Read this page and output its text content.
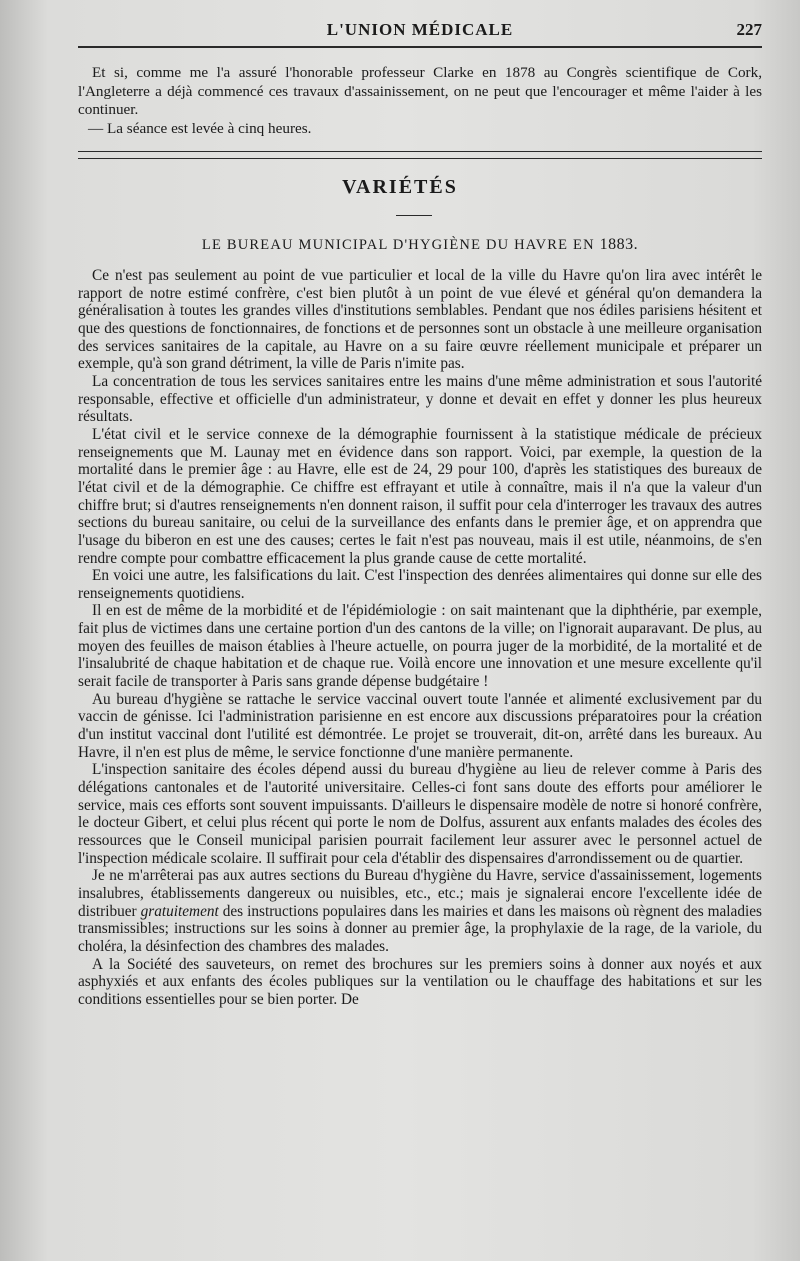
L'UNION MÉDICALE	227

Et si, comme me l'a assuré l'honorable professeur Clarke en 1878 au Congrès scientifique de Cork, l'Angleterre a déjà commencé ces travaux d'assainissement, on ne peut que l'encourager et même l'aider à les continuer.

— La séance est levée à cinq heures.

VARIÉTÉS
LE BUREAU MUNICIPAL D'HYGIÈNE DU HAVRE EN 1883.

Ce n'est pas seulement au point de vue particulier et local de la ville du Havre qu'on lira avec intérêt le rapport de notre estimé confrère, c'est bien plutôt à un point de vue élevé et général qu'on demandera la généralisation à toutes les grandes villes d'institutions semblables. Pendant que nos édiles parisiens hésitent et que des questions de fonctionnaires, de fonctions et de personnes sont un obstacle à une meilleure organisation des services sanitaires de la capitale, au Havre on a su faire œuvre réellement municipale et préparer un exemple, qu'à son grand détriment, la ville de Paris n'imite pas.

La concentration de tous les services sanitaires entre les mains d'une même administration et sous l'autorité responsable, effective et officielle d'un administrateur, y donne et devait en effet y donner les plus heureux résultats.

L'état civil et le service connexe de la démographie fournissent à la statistique médicale de précieux renseignements que M. Launay met en évidence dans son rapport. Voici, par exemple, la question de la mortalité dans le premier âge : au Havre, elle est de 24, 29 pour 100, d'après les statistiques des bureaux de l'état civil et de la démographie. Ce chiffre est effrayant et utile à connaître, mais il n'a que la valeur d'un chiffre brut; si d'autres renseignements n'en donnent raison, il suffit pour cela d'interroger les travaux des autres sections du bureau sanitaire, ou celui de la surveillance des enfants dans le premier âge, et on apprendra que l'usage du biberon en est une des causes; certes le fait n'est pas nouveau, mais il est utile, néanmoins, de s'en rendre compte pour combattre efficacement la plus grande cause de cette mortalité.

En voici une autre, les falsifications du lait. C'est l'inspection des denrées alimentaires qui donne sur elle des renseignements quotidiens.

Il en est de même de la morbidité et de l'épidémiologie : on sait maintenant que la diphthérie, par exemple, fait plus de victimes dans une certaine portion d'un des cantons de la ville; on l'ignorait auparavant. De plus, au moyen des feuilles de maison établies à l'heure actuelle, on pourra juger de la morbidité, de la mortalité et de l'insalubrité de chaque habitation et de chaque rue. Voilà encore une innovation et une mesure excellente qu'il serait facile de transporter à Paris sans grande dépense budgétaire !

Au bureau d'hygiène se rattache le service vaccinal ouvert toute l'année et alimenté exclusivement par du vaccin de génisse. Ici l'administration parisienne en est encore aux discussions préparatoires pour la création d'un institut vaccinal dont l'utilité est démontrée. Le projet se trouverait, dit-on, arrêté dans les bureaux. Au Havre, il n'en est plus de même, le service fonctionne d'une manière permanente.

L'inspection sanitaire des écoles dépend aussi du bureau d'hygiène au lieu de relever comme à Paris des délégations cantonales et de l'autorité universitaire. Celles-ci font sans doute des efforts pour améliorer le service, mais ces efforts sont souvent impuissants. D'ailleurs le dispensaire modèle de notre si honoré confrère, le docteur Gibert, et celui plus récent qui porte le nom de Dolfus, assurent aux enfants malades des écoles des ressources que le Conseil municipal parisien pourrait facilement leur assurer avec le personnel actuel de l'inspection médicale scolaire. Il suffirait pour cela d'établir des dispensaires d'arrondissement ou de quartier.

Je ne m'arrêterai pas aux autres sections du Bureau d'hygiène du Havre, service d'assainissement, logements insalubres, établissements dangereux ou nuisibles, etc., etc.; mais je signalerai encore l'excellente idée de distribuer gratuitement des instructions populaires dans les mairies et dans les maisons où règnent des maladies transmissibles; instructions sur les soins à donner au premier âge, la prophylaxie de la rage, de la variole, du choléra, la désinfection des chambres des malades.

A la Société des sauveteurs, on remet des brochures sur les premiers soins à donner aux noyés et aux asphyxiés et aux enfants des écoles publiques sur la ventilation ou le chauffage des habitations et sur les conditions essentielles pour se bien porter. De
